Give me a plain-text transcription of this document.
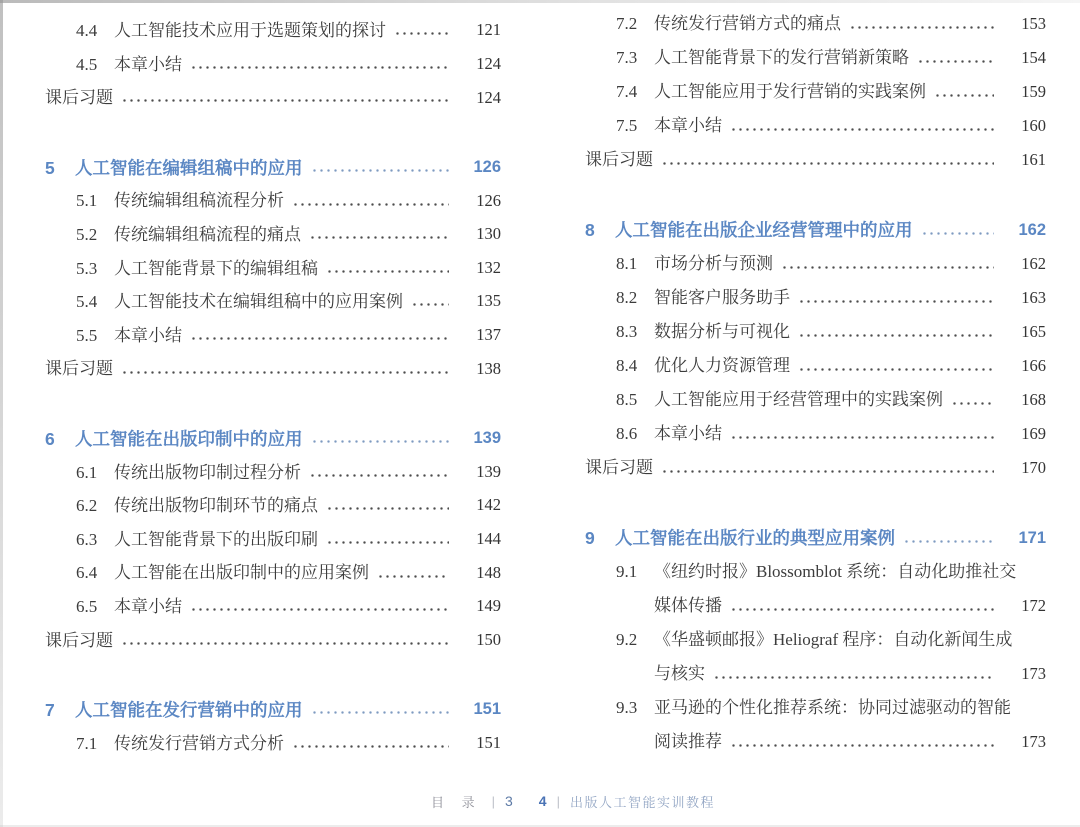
4.4 人工智能技术应用于选题策划的探讨	121
4.5 本章小结	124
课后习题	124
5	人工智能在编辑组稿中的应用	126
5.1 传统编辑组稿流程分析	126
5.2 传统编辑组稿流程的痛点	130
5.3 人工智能背景下的编辑组稿	132
5.4 人工智能技术在编辑组稿中的应用案例	135
5.5 本章小结	137
课后习题	138
6	人工智能在出版印制中的应用	139
6.1 传统出版物印制过程分析	139
6.2 传统出版物印制环节的痛点	142
6.3 人工智能背景下的出版印刷	144
6.4 人工智能在出版印制中的应用案例	148
6.5 本章小结	149
课后习题	150
7	人工智能在发行营销中的应用	151
7.1 传统发行营销方式分析	151
7.2 传统发行营销方式的痛点	153
7.3 人工智能背景下的发行营销新策略	154
7.4 人工智能应用于发行营销的实践案例	159
7.5 本章小结	160
课后习题	161
8	人工智能在出版企业经营管理中的应用	162
8.1 市场分析与预测	162
8.2 智能客户服务助手	163
8.3 数据分析与可视化	165
8.4 优化人力资源管理	166
8.5 人工智能应用于经营管理中的实践案例	168
8.6 本章小结	169
课后习题	170
9	人工智能在出版行业的典型应用案例	171
9.1 《纽约时报》Blossomblot 系统：自动化助推社交
媒体传播	172
9.2 《华盛顿邮报》Heliograf 程序：自动化新闻生成
与核实	173
9.3 亚马逊的个性化推荐系统：协同过滤驱动的智能
阅读推荐	173
目 录 | 3 4 | 出版人工智能实训教程
